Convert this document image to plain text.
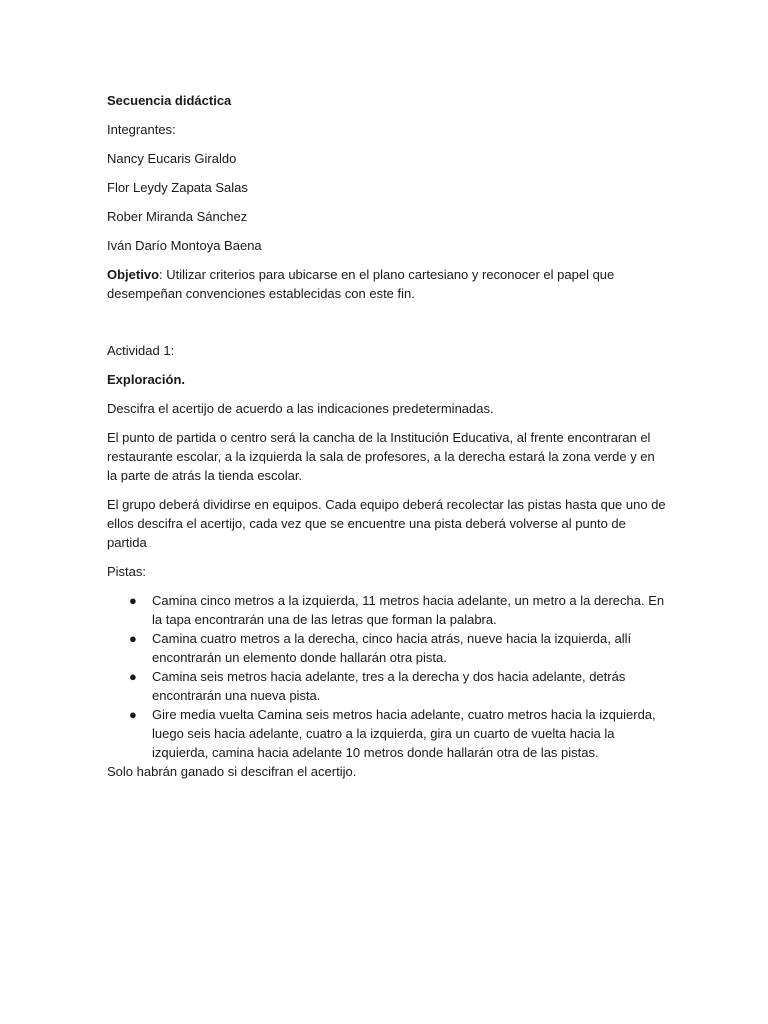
Secuencia didáctica

Integrantes:

Nancy Eucaris Giraldo

Flor Leydy Zapata Salas

Rober Miranda Sánchez

Iván Darío Montoya Baena

Objetivo: Utilizar criterios para ubicarse en el plano cartesiano y reconocer el papel que desempeñan convenciones establecidas con este fin.

Actividad 1:

Exploración.

Descifra el acertijo de acuerdo a las indicaciones predeterminadas.

El punto de partida o centro será la cancha de la Institución Educativa, al frente encontraran el restaurante escolar, a la izquierda la sala de profesores, a la derecha estará la zona verde y en la parte de atrás la tienda escolar.

El grupo deberá dividirse en equipos. Cada equipo deberá recolectar las pistas hasta que uno de ellos descifra el acertijo, cada vez que se encuentre una pista deberá volverse al punto de partida

Pistas:

● Camina cinco metros a la izquierda, 11 metros hacia adelante, un metro a la derecha. En la tapa encontrarán una de las letras que forman la palabra.
● Camina cuatro metros a la derecha, cinco hacia atrás, nueve hacia la izquierda, allí encontrarán un elemento donde hallarán otra pista.
● Camina seis metros hacia adelante, tres a la derecha y dos hacia adelante, detrás encontrarán una nueva pista.
● Gire media vuelta Camina seis metros hacia adelante, cuatro metros hacia la izquierda, luego seis hacia adelante, cuatro a la izquierda, gira un cuarto de vuelta hacia la izquierda, camina hacia adelante 10 metros donde hallarán otra de las pistas.

Solo habrán ganado si descifran el acertijo.
